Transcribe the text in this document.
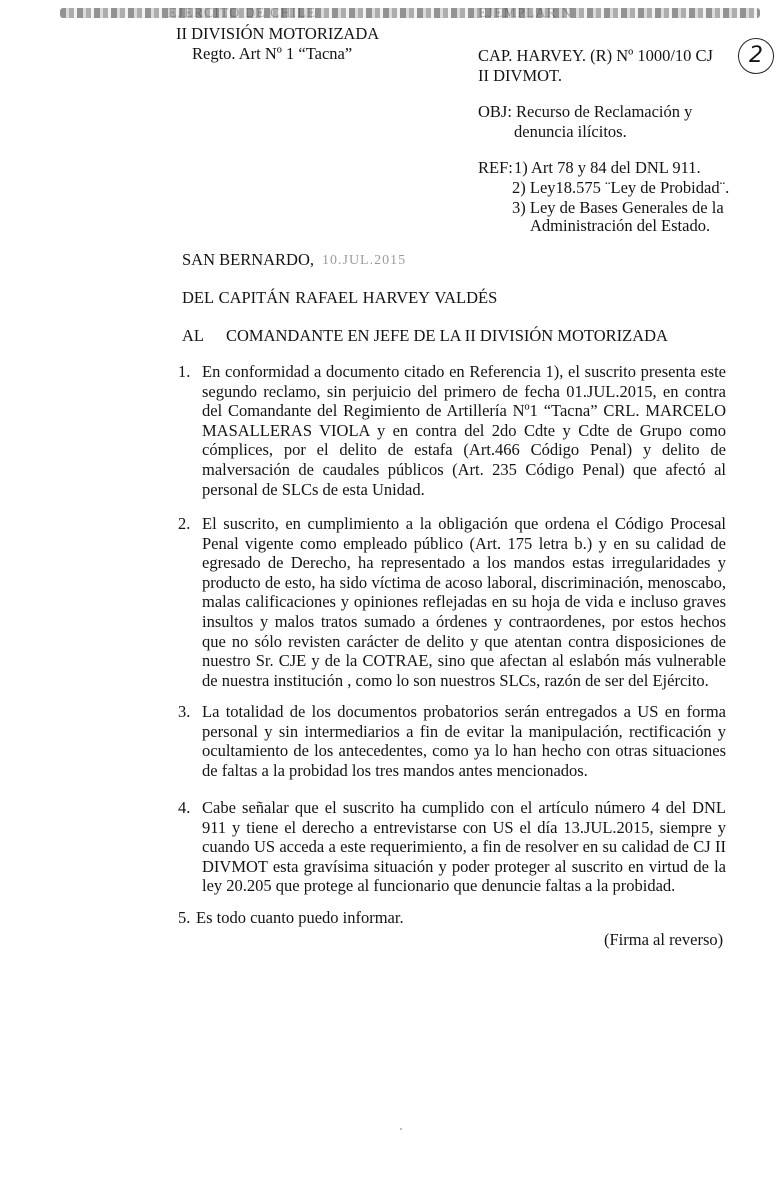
EJERCITO DE CHILE	EJEMPLAR N
II DIVISIÓN MOTORIZADA
Regto. Art Nº 1 “Tacna”	CAP. HARVEY. (R) Nº 1000/10 CJ
II DIVMOT.
2
OBJ: Recurso de Reclamación y
denuncia ilícitos.
REF: 1) Art 78 y 84 del DNL 911.
2) Ley18.575 ¨Ley de Probidad¨.
3) Ley de Bases Generales de la
Administración del Estado.
SAN BERNARDO, 10.JUL.2015
DEL CAPITÁN RAFAEL HARVEY VALDÉS
AL COMANDANTE EN JEFE DE LA II DIVISIÓN MOTORIZADA
1. En conformidad a documento citado en Referencia 1), el suscrito presenta este segundo reclamo, sin perjuicio del primero de fecha 01.JUL.2015, en contra del Comandante del Regimiento de Artillería Nº1 “Tacna” CRL. MARCELO MASALLERAS VIOLA y en contra del 2do Cdte y Cdte de Grupo como cómplices, por el delito de estafa (Art.466 Código Penal) y delito de malversación de caudales públicos (Art. 235 Código Penal) que afectó al personal de SLCs de esta Unidad.
2. El suscrito, en cumplimiento a la obligación que ordena el Código Procesal Penal vigente como empleado público (Art. 175 letra b.) y en su calidad de egresado de Derecho, ha representado a los mandos estas irregularidades y producto de esto, ha sido víctima de acoso laboral, discriminación, menoscabo, malas calificaciones y opiniones reflejadas en su hoja de vida e incluso graves insultos y malos tratos sumado a órdenes y contraordenes, por estos hechos que no sólo revisten carácter de delito y que atentan contra disposiciones de nuestro Sr. CJE y de la COTRAE, sino que afectan al eslabón más vulnerable de nuestra institución , como lo son nuestros SLCs, razón de ser del Ejército.
3. La totalidad de los documentos probatorios serán entregados a US en forma personal y sin intermediarios a fin de evitar la manipulación, rectificación y ocultamiento de los antecedentes, como ya lo han hecho con otras situaciones de faltas a la probidad los tres mandos antes mencionados.
4. Cabe señalar que el suscrito ha cumplido con el artículo número 4 del DNL 911 y tiene el derecho a entrevistarse con US el día 13.JUL.2015, siempre y cuando US acceda a este requerimiento, a fin de resolver en su calidad de CJ II DIVMOT esta gravísima situación y poder proteger al suscrito en virtud de la ley 20.205 que protege al funcionario que denuncie faltas a la probidad.
5. Es todo cuanto puedo informar.
(Firma al reverso)
